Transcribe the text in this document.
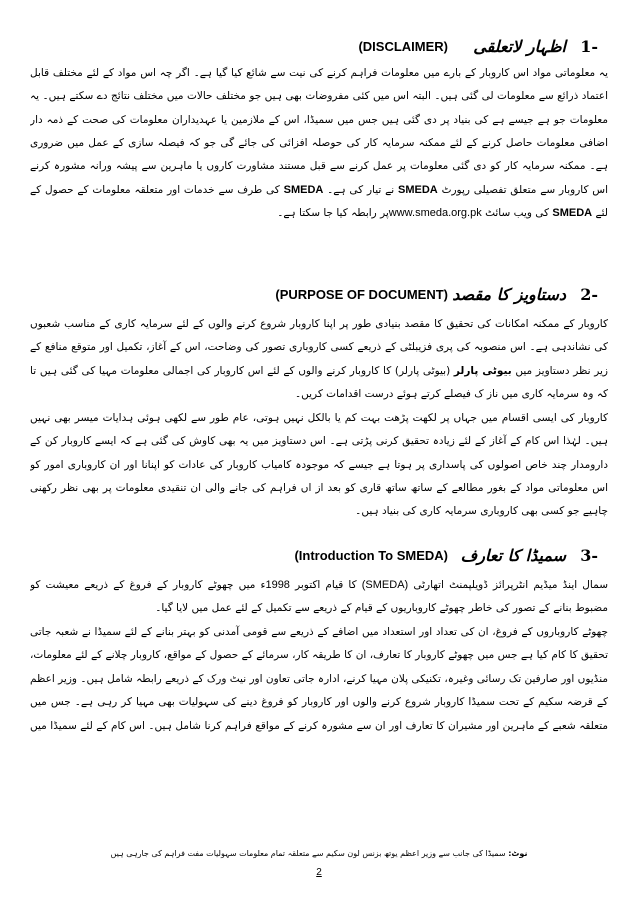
1-
اظہار لاتعلقی
(DISCLAIMER)
یہ معلوماتی مواد اس کاروبار کے بارے میں معلومات فراہم کرنے کی نیت سے شائع کیا گیا ہے۔ اگر چہ اس مواد کے لئے مختلف قابل اعتماد ذرائع سے معلومات لی گئی ہیں۔ البتہ اس میں کئی مفروضات بھی ہیں جو مختلف حالات میں مختلف نتائج دے سکتے ہیں۔ یہ معلومات جو ہے جیسے ہے کی بنیاد پر دی گئی ہیں جس میں سمیڈا، اس کے ملازمین یا عہدیداران معلومات کی صحت کے ذمہ دار
اضافی معلومات حاصل کرنے کے لئے ممکنہ سرمایہ کار کی حوصلہ افزائی کی جائے گی جو کہ فیصلہ سازی کے عمل میں ضروری ہے۔ ممکنہ سرمایہ کار کو دی گئی معلومات پر عمل کرنے سے قبل مستند مشاورت کاروں یا ماہرین سے پیشہ ورانہ مشورہ کرنے
اس کاروبار سے متعلق تفصیلی رپورٹ SMEDA نے تیار کی ہے۔ SMEDA کی طرف سے خدمات اور متعلقہ معلومات کے حصول کے لئے SMEDA کی ویب سائٹ www.smeda.org.pkپر رابطہ کیا جا سکتا ہے۔
2-
دستاویز کا مقصد
(PURPOSE OF DOCUMENT)
کاروبار کے ممکنہ امکانات کی تحقیق کا مقصد بنیادی طور پر اپنا کاروبار شروع کرنے والوں کے لئے سرمایہ کاری کے مناسب شعبوں کی نشاندہی ہے۔ اس منصوبہ کی پری فزیبلٹی کے ذریعے کسی کاروباری تصور کی وضاحت، اس کے آغاز، تکمیل اور متوقع منافع کے
زیر نظر دستاویز میں بیوٹی پارلر (بیوٹی پارلر) کا کاروبار کرنے والوں کے لئے اس کاروبار کی اجمالی معلومات مہیا کی گئی ہیں تا کہ وہ سرمایہ کاری میں ناز ک فیصلے کرتے ہوئے درست اقدامات کریں۔
کاروبار کی ایسی اقسام میں جہاں پر لکھت پڑھت بہت کم یا بالکل نہیں ہوتی، عام طور سے لکھی ہوئی ہدایات میسر بھی نہیں ہیں۔ لہٰذا اس کام کے آغاز کے لئے زیادہ تحقیق کرنی پڑتی ہے۔ اس دستاویز میں یہ بھی کاوش کی گئی ہے کہ ایسے کاروبار کن کے دارومدار چند خاص اصولوں کی پاسداری پر ہوتا ہے جیسے کہ موجودہ کامیاب کاروبار کی عادات کو اپنانا اور ان کاروباری امور کو
اس معلوماتی مواد کے بغور مطالعے کے ساتھ ساتھ قاری کو بعد از اں فراہم کی جانے والی ان تنقیدی معلومات پر بھی نظر رکھنی چاہیے جو کسی بھی کاروباری سرمایہ کاری کی بنیاد ہیں۔
3-
سمیڈا کا تعارف
(Introduction To SMEDA)
سمال اینڈ میڈیم انٹرپرائز ڈویلپمنٹ اتھارٹی (SMEDA) کا قیام اکتوبر 1998ء میں چھوٹے کاروبار کے فروغ کے ذریعے معیشت کو مضبوط بنانے کے تصور کی خاطر چھوٹے کاروباریوں کے قیام کے ذریعے سے تکمیل کے لئے عمل میں لایا گیا۔
چھوٹے کاروباروں کے فروغ، ان کی تعداد اور استعداد میں اضافے کے ذریعے سے قومی آمدنی کو بہتر بنانے کے لئے سمیڈا نے شعبہ جاتی تحقیق کا کام کیا ہے جس میں چھوٹے کاروبار کا تعارف، ان کا طریقہ کار، سرمائے کے حصول کے مواقع، کاروبار چلانے کے لئے معلومات، منڈیوں اور صارفین تک رسائی وغیرہ، تکنیکی پلان مہیا کرنے، ادارہ جاتی تعاون اور نیٹ ورک کے ذریعے رابطہ شامل ہیں۔ وزیر اعظم کے قرضہ سکیم کے تحت سمیڈا کاروبار شروع کرنے والوں اور کاروبار کو فروغ دینے کی سہولیات بھی مہیا کر رہی ہے۔ جس میں متعلقہ شعبے کے ماہرین اور مشیران کا تعارف اور ان سے مشورہ کرنے کے مواقع فراہم کرنا شامل ہیں۔ اس کام کے لئے سمیڈا میں
نوٹ: سمیڈا کی جانب سے وزیر اعظم یوتھ بزنس لون سکیم سے متعلقہ تمام معلومات سہولیات مفت فراہم کی جارہی ہیں
2
